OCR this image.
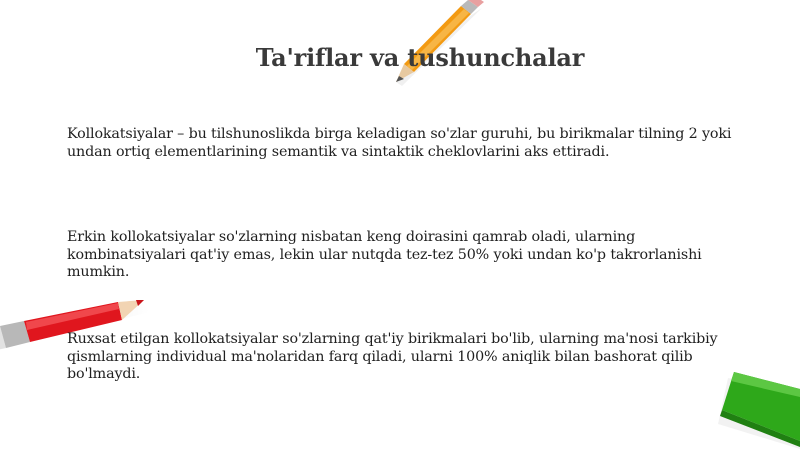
Ta'riflar va tushunchalar
Kollokatsiyalar – bu tilshunoslikda birga keladigan so'zlar guruhi, bu birikmalar tilning 2 yoki undan ortiq elementlarining semantik va sintaktik cheklovlarini aks ettiradi.
Erkin kollokatsiyalar so'zlarning nisbatan keng doirasini qamrab oladi, ularning kombinatsiyalari qat'iy emas, lekin ular nutqda tez-tez 50% yoki undan ko'p takrorlanishi mumkin.
Ruxsat etilgan kollokatsiyalar so'zlarning qat'iy birikmalari bo'lib, ularning ma'nosi tarkibiy qismlarning individual ma'nolaridan farq qiladi, ularni 100% aniqlik bilan bashorat qilib bo'lmaydi.
